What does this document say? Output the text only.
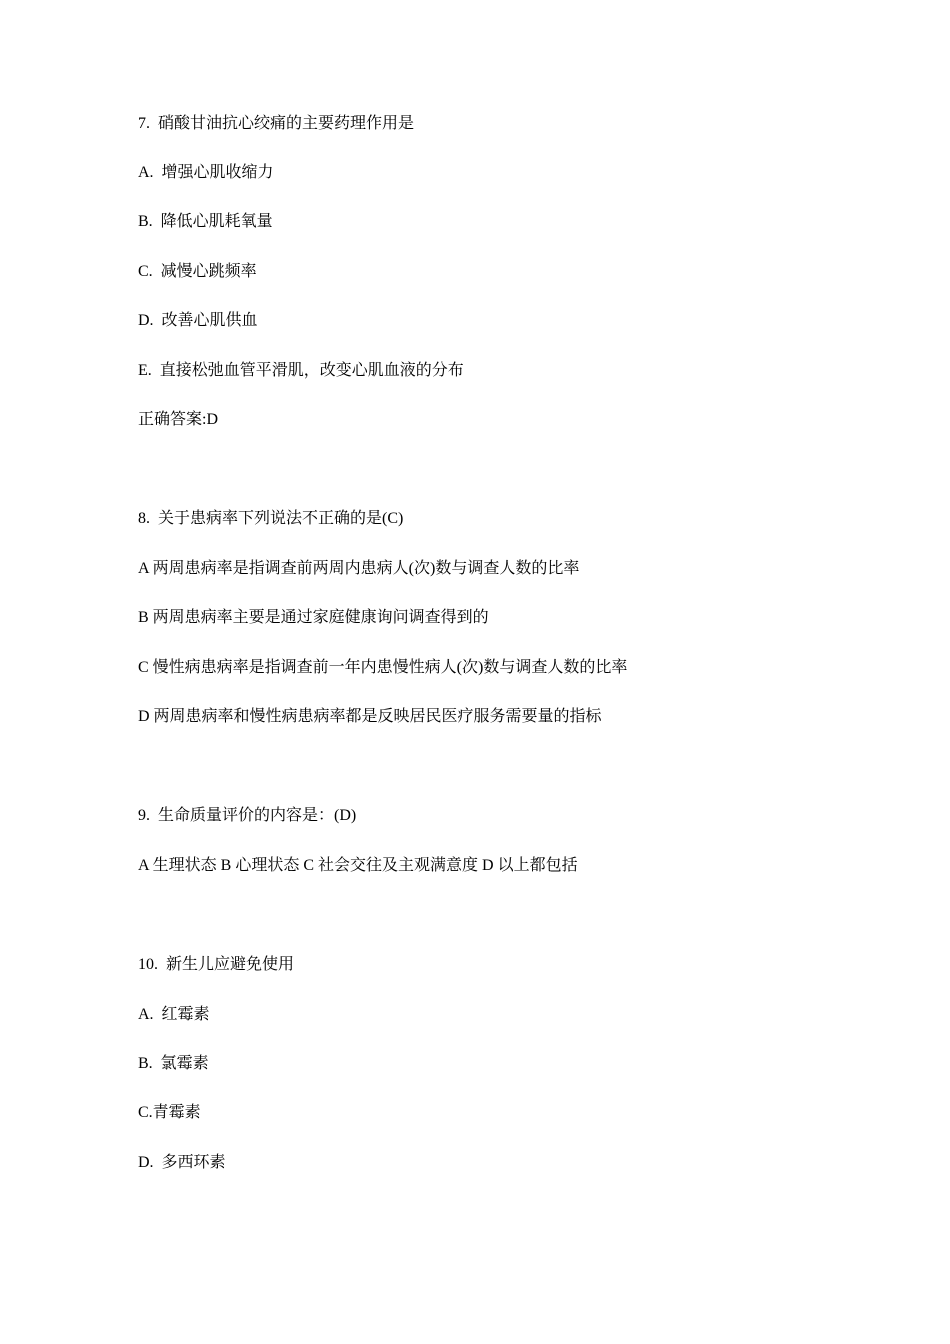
7.  硝酸甘油抗心绞痛的主要药理作用是
A.  增强心肌收缩力
B.  降低心肌耗氧量
C.  减慢心跳频率
D.  改善心肌供血
E.  直接松弛血管平滑肌，改变心肌血液的分布
正确答案:D
8.  关于患病率下列说法不正确的是(C)
A 两周患病率是指调查前两周内患病人(次)数与调查人数的比率
B 两周患病率主要是通过家庭健康询问调查得到的
C 慢性病患病率是指调查前一年内患慢性病人(次)数与调查人数的比率
D 两周患病率和慢性病患病率都是反映居民医疗服务需要量的指标
9.  生命质量评价的内容是：(D)
A 生理状态 B 心理状态 C 社会交往及主观满意度 D 以上都包括
10.  新生儿应避免使用
A.  红霉素
B.  氯霉素
C.青霉素
D.  多西环素
